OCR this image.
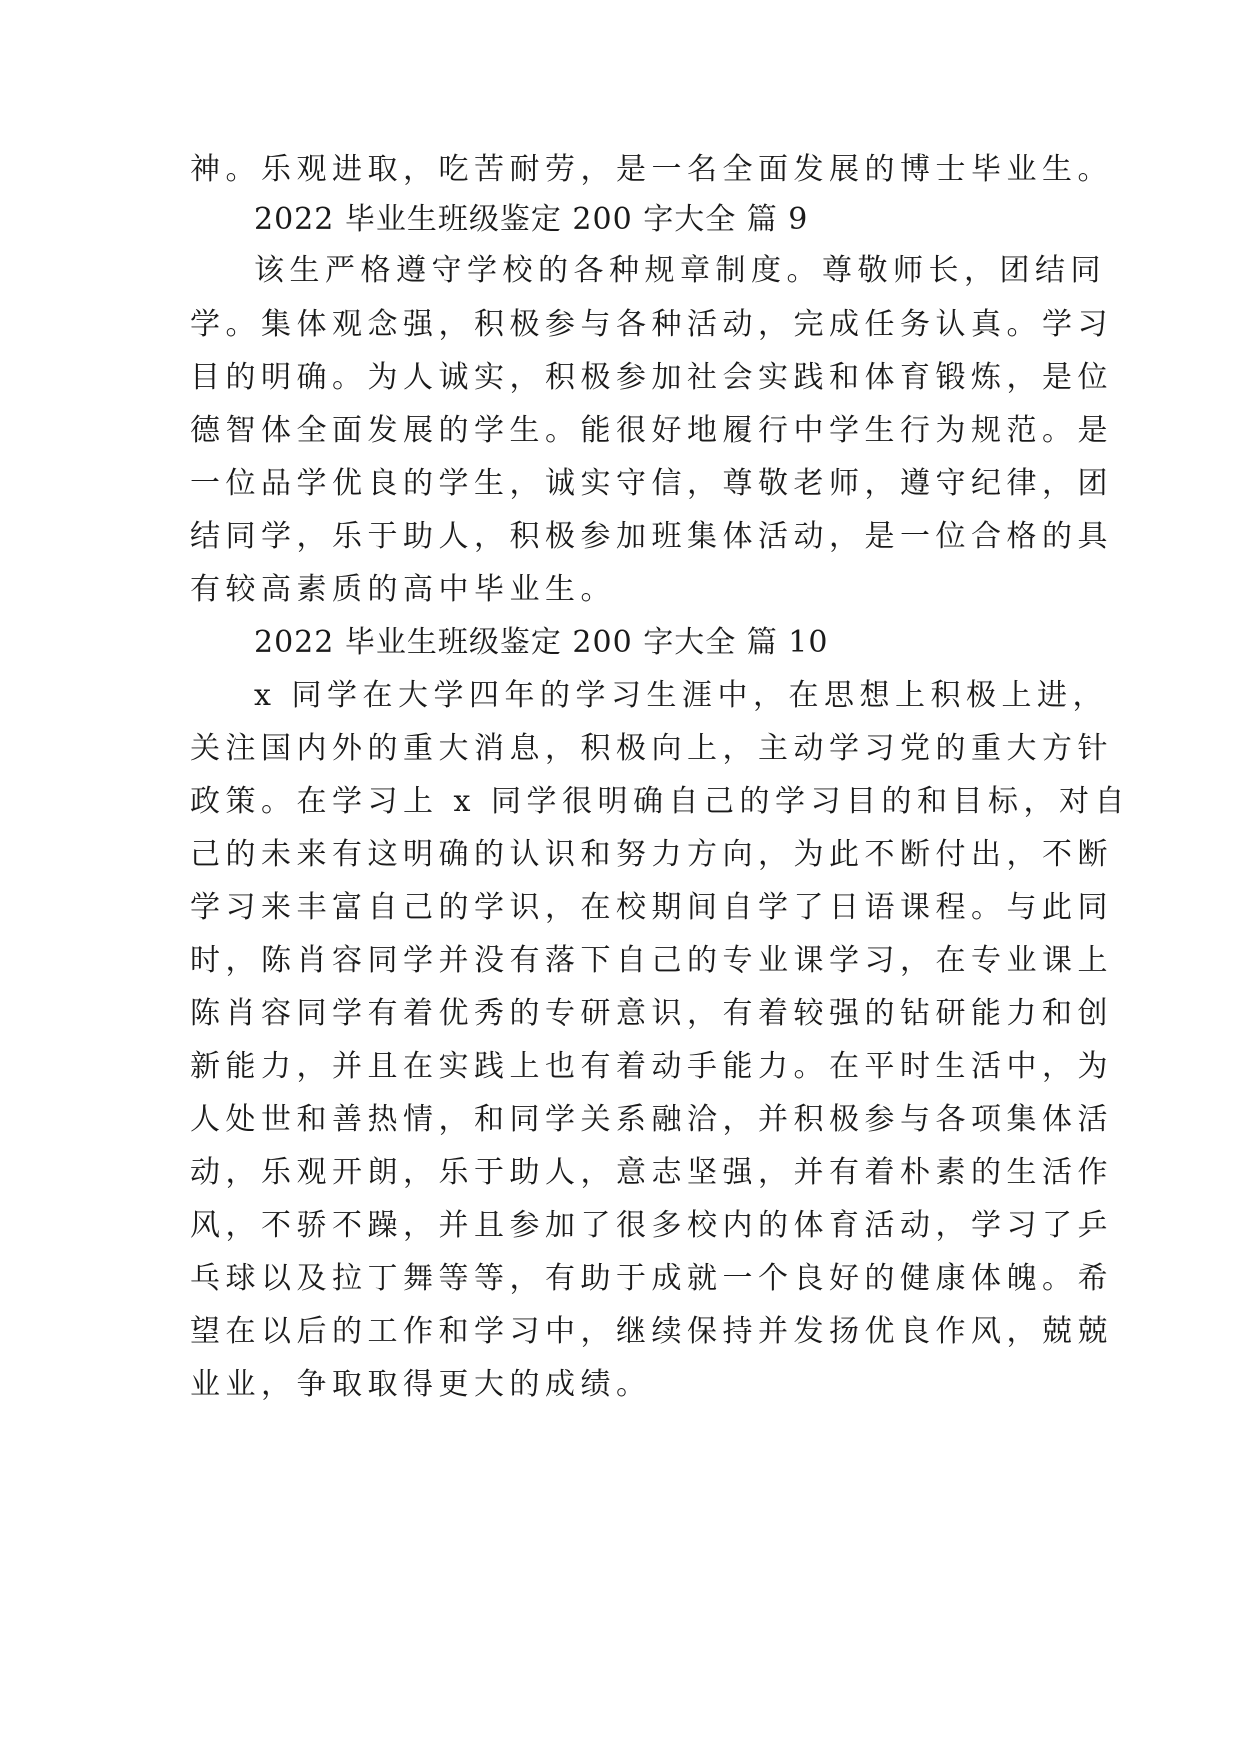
神。乐观进取，吃苦耐劳，是一名全面发展的博士毕业生。
2022 毕业生班级鉴定 200 字大全 篇 9
该生严格遵守学校的各种规章制度。尊敬师长，团结同
学。集体观念强，积极参与各种活动，完成任务认真。学习
目的明确。为人诚实，积极参加社会实践和体育锻炼，是位
德智体全面发展的学生。能很好地履行中学生行为规范。是
一位品学优良的学生，诚实守信，尊敬老师，遵守纪律，团
结同学，乐于助人，积极参加班集体活动，是一位合格的具
有较高素质的高中毕业生。
2022 毕业生班级鉴定 200 字大全 篇 10
x 同学在大学四年的学习生涯中，在思想上积极上进，
关注国内外的重大消息，积极向上，主动学习党的重大方针
政策。在学习上 x 同学很明确自己的学习目的和目标，对自
己的未来有这明确的认识和努力方向，为此不断付出，不断
学习来丰富自己的学识，在校期间自学了日语课程。与此同
时，陈肖容同学并没有落下自己的专业课学习，在专业课上
陈肖容同学有着优秀的专研意识，有着较强的钻研能力和创
新能力，并且在实践上也有着动手能力。在平时生活中，为
人处世和善热情，和同学关系融洽，并积极参与各项集体活
动，乐观开朗，乐于助人，意志坚强，并有着朴素的生活作
风，不骄不躁，并且参加了很多校内的体育活动，学习了乒
乓球以及拉丁舞等等，有助于成就一个良好的健康体魄。希
望在以后的工作和学习中，继续保持并发扬优良作风，兢兢
业业，争取取得更大的成绩。
